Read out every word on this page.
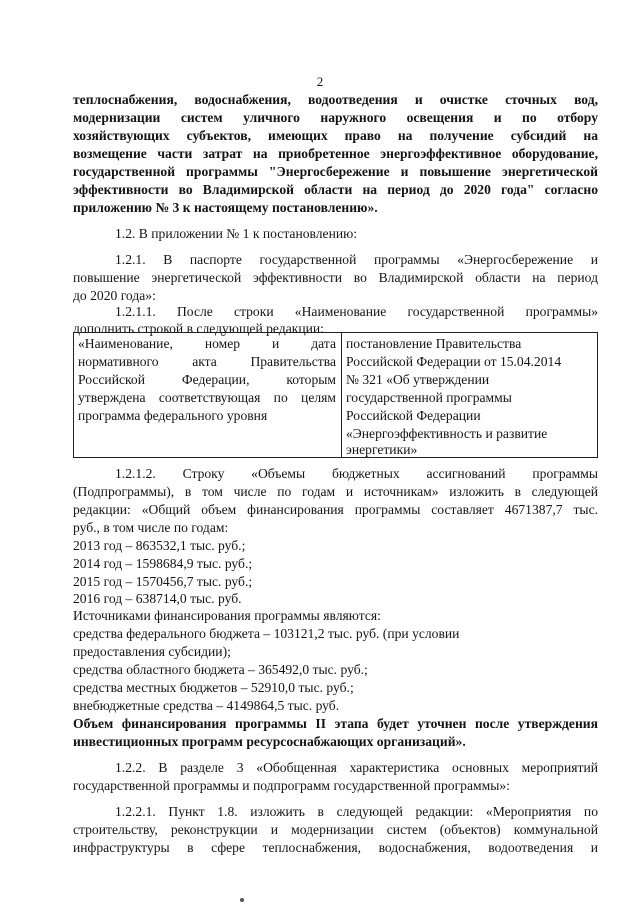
2
теплоснабжения, водоснабжения, водоотведения и очистке сточных вод,
модернизации систем уличного наружного освещения и по отбору
хозяйствующих субъектов, имеющих право на получение субсидий на
возмещение части затрат на приобретенное энергоэффективное оборудование,
государственной программы "Энергосбережение и повышение энергетической
эффективности во Владимирской области на период до 2020 года" согласно
приложению № 3 к настоящему постановлению».
1.2. В приложении № 1 к постановлению:
1.2.1. В паспорте государственной программы «Энергосбережение и
повышение энергетической эффективности во Владимирской области на период
до 2020 года»:
1.2.1.1. После строки «Наименование государственной программы»
дополнить строкой в следующей редакции:
«Наименование, номер и дата
нормативного акта Правительства
Российской Федерации, которым
утверждена соответствующая по целям
программа федерального уровня
постановление Правительства
Российской Федерации от 15.04.2014
№ 321 «Об утверждении
государственной программы
Российской Федерации
«Энергоэффективность и развитие
энергетики»
1.2.1.2. Строку «Объемы бюджетных ассигнований программы
(Подпрограммы), в том числе по годам и источникам» изложить в следующей
редакции: «Общий объем финансирования программы составляет 4671387,7 тыс.
руб., в том числе по годам:
2013 год – 863532,1 тыс. руб.;
2014 год – 1598684,9 тыс. руб.;
2015 год – 1570456,7 тыс. руб.;
2016 год – 638714,0 тыс. руб.
Источниками финансирования программы являются:
средства федерального бюджета – 103121,2 тыс. руб. (при условии
предоставления субсидии);
средства областного бюджета – 365492,0 тыс. руб.;
средства местных бюджетов – 52910,0 тыс. руб.;
внебюджетные средства – 4149864,5 тыс. руб.
Объем финансирования программы II этапа будет уточнен после утверждения
инвестиционных программ ресурсоснабжающих организаций».
1.2.2. В разделе 3 «Обобщенная характеристика основных мероприятий
государственной программы и подпрограмм государственной программы»:
1.2.2.1. Пункт 1.8. изложить в следующей редакции: «Мероприятия по
строительству, реконструкции и модернизации систем (объектов) коммунальной
инфраструктуры в сфере теплоснабжения, водоснабжения, водоотведения и
